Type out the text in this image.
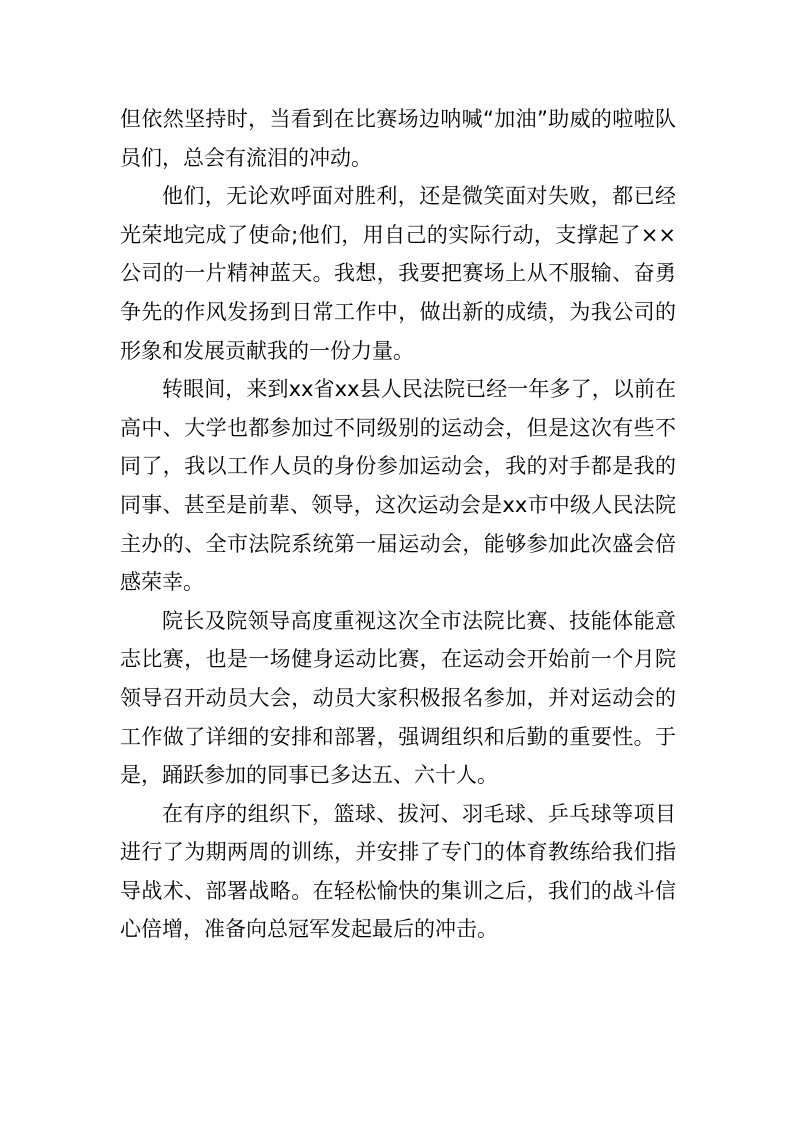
但依然坚持时，当看到在比赛场边呐喊“加油”助威的啦啦队员们，总会有流泪的冲动。

他们，无论欢呼面对胜利，还是微笑面对失败，都已经光荣地完成了使命;他们，用自己的实际行动，支撑起了××公司的一片精神蓝天。我想，我要把赛场上从不服输、奋勇争先的作风发扬到日常工作中，做出新的成绩，为我公司的形象和发展贡献我的一份力量。

转眼间，来到xx省xx县人民法院已经一年多了，以前在高中、大学也都参加过不同级别的运动会，但是这次有些不同了，我以工作人员的身份参加运动会，我的对手都是我的同事、甚至是前辈、领导，这次运动会是xx市中级人民法院主办的、全市法院系统第一届运动会，能够参加此次盛会倍感荣幸。

院长及院领导高度重视这次全市法院比赛、技能体能意志比赛，也是一场健身运动比赛，在运动会开始前一个月院领导召开动员大会，动员大家积极报名参加，并对运动会的工作做了详细的安排和部署，强调组织和后勤的重要性。于是，踊跃参加的同事已多达五、六十人。

在有序的组织下，篮球、拔河、羽毛球、乒乓球等项目进行了为期两周的训练，并安排了专门的体育教练给我们指导战术、部署战略。在轻松愉快的集训之后，我们的战斗信心倍增，准备向总冠军发起最后的冲击。
